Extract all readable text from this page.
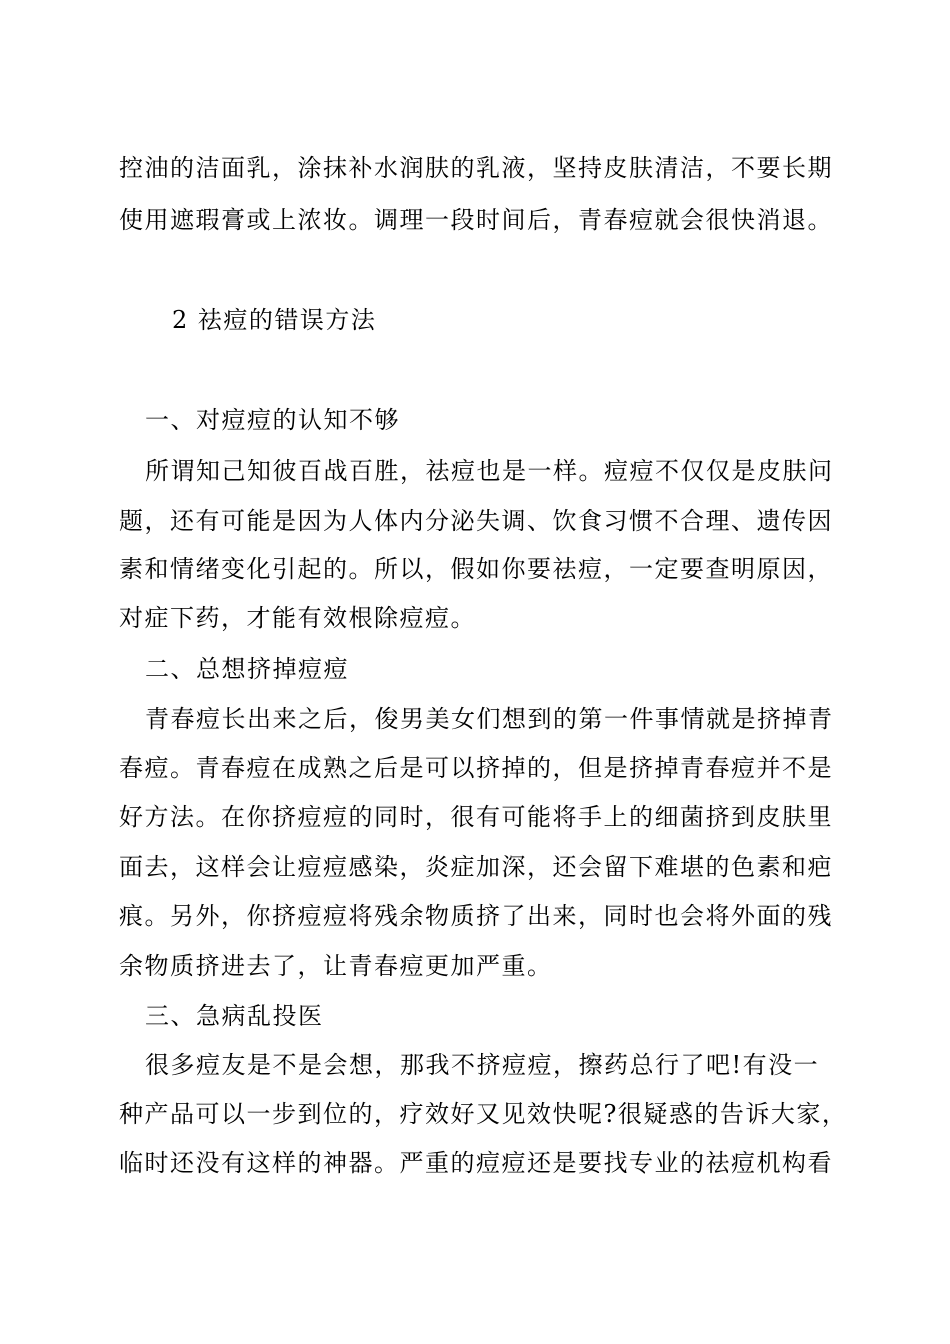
控油的洁面乳，涂抹补水润肤的乳液，坚持皮肤清洁，不要长期
使用遮瑕膏或上浓妆。调理一段时间后，青春痘就会很快消退。
2 祛痘的错误方法
一、对痘痘的认知不够
所谓知己知彼百战百胜，祛痘也是一样。痘痘不仅仅是皮肤问
题，还有可能是因为人体内分泌失调、饮食习惯不合理、遗传因
素和情绪变化引起的。所以，假如你要祛痘，一定要查明原因，
对症下药，才能有效根除痘痘。
二、总想挤掉痘痘
青春痘长出来之后，俊男美女们想到的第一件事情就是挤掉青
春痘。青春痘在成熟之后是可以挤掉的，但是挤掉青春痘并不是
好方法。在你挤痘痘的同时，很有可能将手上的细菌挤到皮肤里
面去，这样会让痘痘感染，炎症加深，还会留下难堪的色素和疤
痕。另外，你挤痘痘将残余物质挤了出来，同时也会将外面的残
余物质挤进去了，让青春痘更加严重。
三、急病乱投医
很多痘友是不是会想，那我不挤痘痘，擦药总行了吧!有没一
种产品可以一步到位的，疗效好又见效快呢?很疑惑的告诉大家，
临时还没有这样的神器。严重的痘痘还是要找专业的祛痘机构看
